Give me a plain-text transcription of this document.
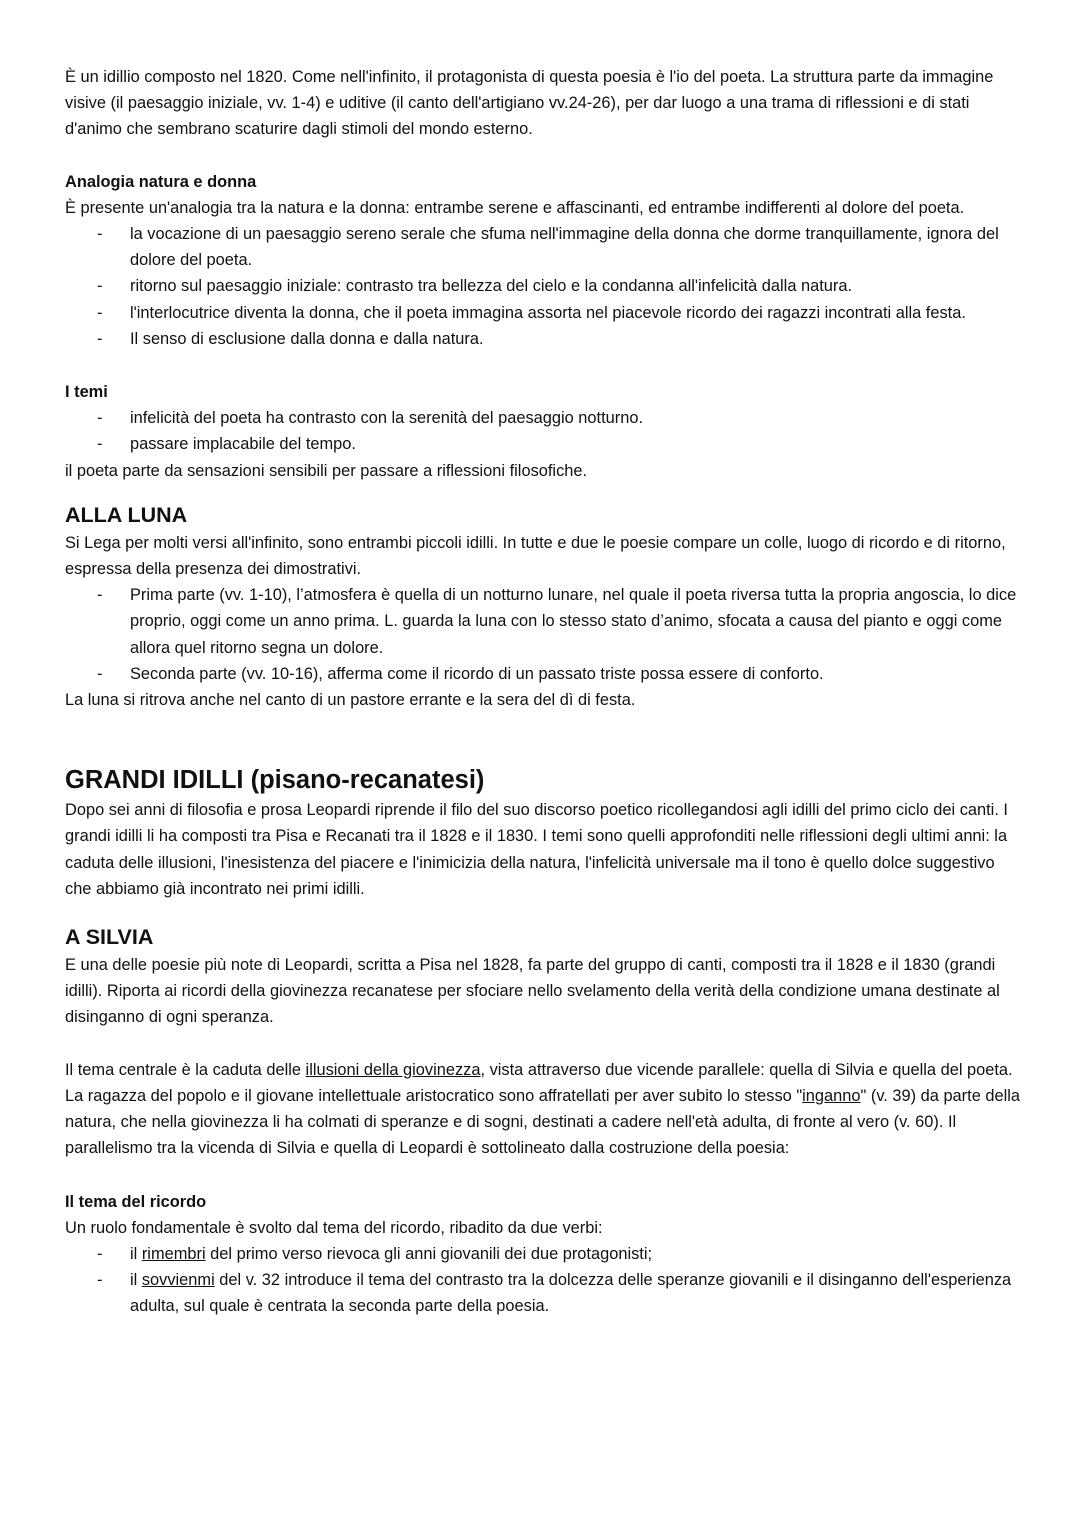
È un idillio composto nel 1820. Come nell'infinito, il protagonista di questa poesia è l'io del poeta. La struttura parte da immagine visive (il paesaggio iniziale, vv. 1-4) e uditive (il canto dell'artigiano vv.24-26), per dar luogo a una trama di riflessioni e di stati d'animo che sembrano scaturire dagli stimoli del mondo esterno.

Analogia natura e donna

È presente un'analogia tra la natura e la donna: entrambe serene e affascinanti, ed entrambe indifferenti al dolore del poeta.

- la vocazione di un paesaggio sereno serale che sfuma nell'immagine della donna che dorme tranquillamente, ignora del dolore del poeta.
- ritorno sul paesaggio iniziale: contrasto tra bellezza del cielo e la condanna all'infelicità dalla natura.
- l'interlocutrice diventa la donna, che il poeta immagina assorta nel piacevole ricordo dei ragazzi incontrati alla festa.
- Il senso di esclusione dalla donna e dalla natura.
I temi
- infelicità del poeta ha contrasto con la serenità del paesaggio notturno.
- passare implacabile del tempo.

il poeta parte da sensazioni sensibili per passare a riflessioni filosofiche.

ALLA LUNA

Si Lega per molti versi all'infinito, sono entrambi piccoli idilli. In tutte e due le poesie compare un colle, luogo di ricordo e di ritorno, espressa della presenza dei dimostrativi.

- Prima parte (vv. 1-10), l’atmosfera è quella di un notturno lunare, nel quale il poeta riversa tutta la propria angoscia, lo dice proprio, oggi come un anno prima. L. guarda la luna con lo stesso stato d’animo, sfocata a causa del pianto e oggi come allora quel ritorno segna un dolore.
- Seconda parte (vv. 10-16), afferma come il ricordo di un passato triste possa essere di conforto.

La luna si ritrova anche nel canto di un pastore errante e la sera del dì di festa.

GRANDI IDILLI (pisano-recanatesi)

Dopo sei anni di filosofia e prosa Leopardi riprende il filo del suo discorso poetico ricollegandosi agli idilli del primo ciclo dei canti. I grandi idilli li ha composti tra Pisa e Recanati tra il 1828 e il 1830. I temi sono quelli approfonditi nelle riflessioni degli ultimi anni: la caduta delle illusioni, l'inesistenza del piacere e l'inimicizia della natura, l'infelicità universale ma il tono è quello dolce suggestivo che abbiamo già incontrato nei primi idilli.

A SILVIA

E una delle poesie più note di Leopardi, scritta a Pisa nel 1828, fa parte del gruppo di canti, composti tra il 1828 e il 1830 (grandi idilli). Riporta ai ricordi della giovinezza recanatese per sfociare nello svelamento della verità della condizione umana destinate al disinganno di ogni speranza.

Il tema centrale è la caduta delle illusioni della giovinezza, vista attraverso due vicende parallele: quella di Silvia e quella del poeta. La ragazza del popolo e il giovane intellettuale aristocratico sono affratellati per aver subito lo stesso "inganno" (v. 39) da parte della natura, che nella giovinezza li ha colmati di speranze e di sogni, destinati a cadere nell'età adulta, di fronte al vero (v. 60). Il parallelismo tra la vicenda di Silvia e quella di Leopardi è sottolineato dalla costruzione della poesia:

Il tema del ricordo

Un ruolo fondamentale è svolto dal tema del ricordo, ribadito da due verbi:

- il rimembri del primo verso rievoca gli anni giovanili dei due protagonisti;
- il sovvienmi del v. 32 introduce il tema del contrasto tra la dolcezza delle speranze giovanili e il disinganno dell'esperienza adulta, sul quale è centrata la seconda parte della poesia.
